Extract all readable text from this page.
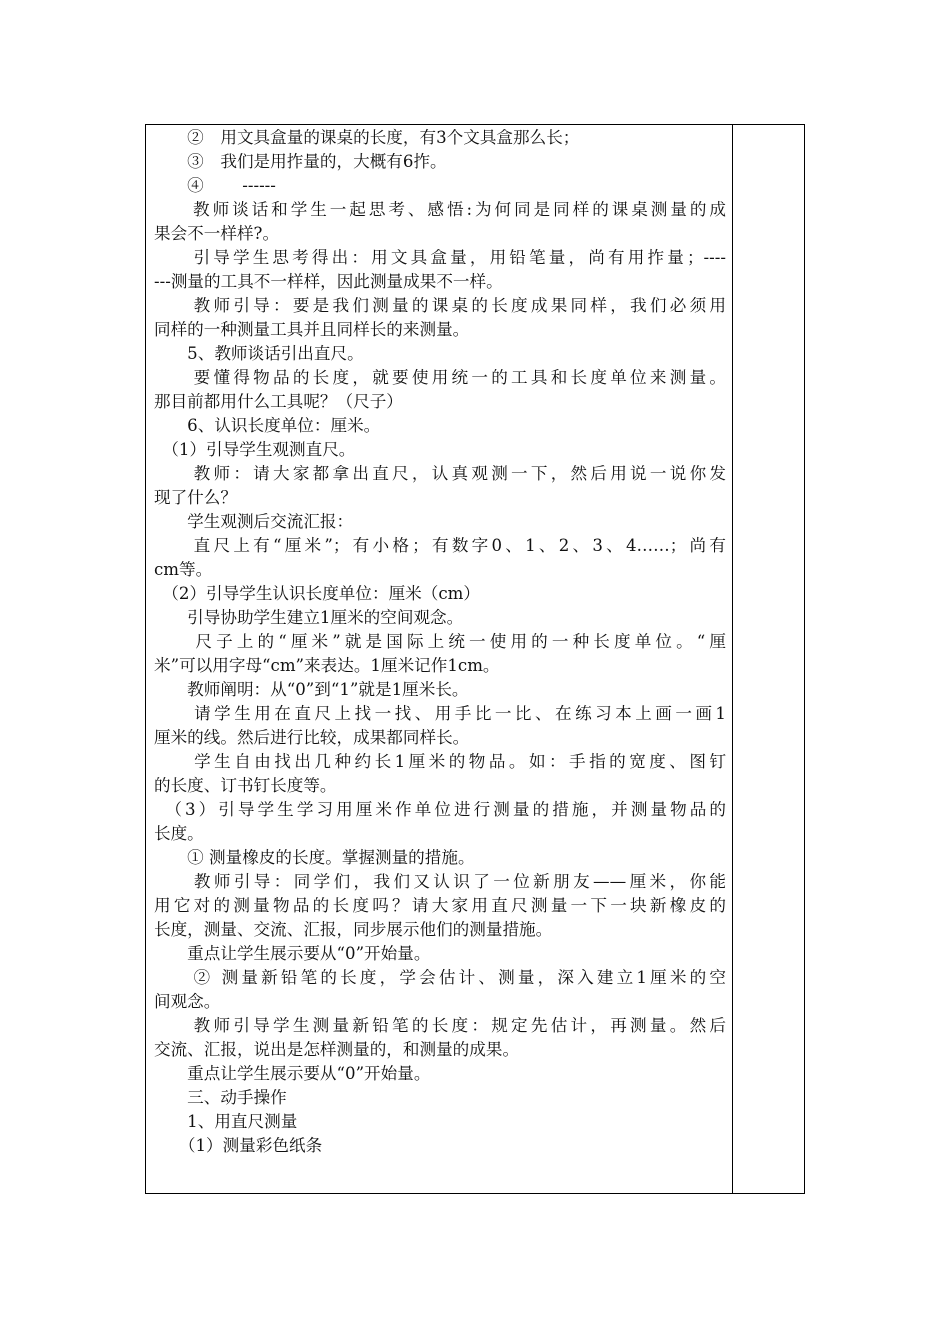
　　②　用文具盒量的课桌的长度，有3个文具盒那么长；

　　③　我们是用拃量的，大概有6拃。

　　④　　 ------

　　教师谈话和学生一起思考、感悟:为何同是同样的课桌测量的成

果会不一样样?。

　　引导学生思考得出：用文具盒量，用铅笔量，尚有用拃量；----

---测量的工具不一样样，因此测量成果不一样。

　　教师引导：要是我们测量的课桌的长度成果同样，我们必须用

同样的一种测量工具并且同样长的来测量。

　　5、教师谈话引出直尺。

　　要懂得物品的长度，就要使用统一的工具和长度单位来测量。

那目前都用什么工具呢？（尺子）

　　6、认识长度单位：厘米。

　（1）引导学生观测直尺。

　　教师：请大家都拿出直尺，认真观测一下，然后用说一说你发

现了什么？

　　学生观测后交流汇报：

　　直尺上有“厘米”；有小格；有数字0、1、2、3、4……；尚有

cm等。

　（2）引导学生认识长度单位：厘米（cm）

　　引导协助学生建立1厘米的空间观念。

　　尺子上的“厘米”就是国际上统一使用的一种长度单位。“厘

米”可以用字母“cm”来表达。1厘米记作1cm。

　　教师阐明：从“0”到“1”就是1厘米长。

　　请学生用在直尺上找一找、用手比一比、在练习本上画一画1

厘米的线。然后进行比较，成果都同样长。

　　学生自由找出几种约长1厘米的物品。如：手指的宽度、图钉

的长度、订书钉长度等。

　（3）引导学生学习用厘米作单位进行测量的措施，并测量物品的

长度。

　　① 测量橡皮的长度。掌握测量的措施。

　　教师引导：同学们，我们又认识了一位新朋友——厘米，你能

用它对的测量物品的长度吗？请大家用直尺测量一下一块新橡皮的

长度，测量、交流、汇报，同步展示他们的测量措施。

　　重点让学生展示要从“0”开始量。

　　② 测量新铅笔的长度，学会估计、测量，深入建立1厘米的空

间观念。

　　教师引导学生测量新铅笔的长度：规定先估计，再测量。然后

交流、汇报，说出是怎样测量的，和测量的成果。

　　重点让学生展示要从“0”开始量。

　　三、动手操作

　　1、用直尺测量

　　（1）测量彩色纸条
